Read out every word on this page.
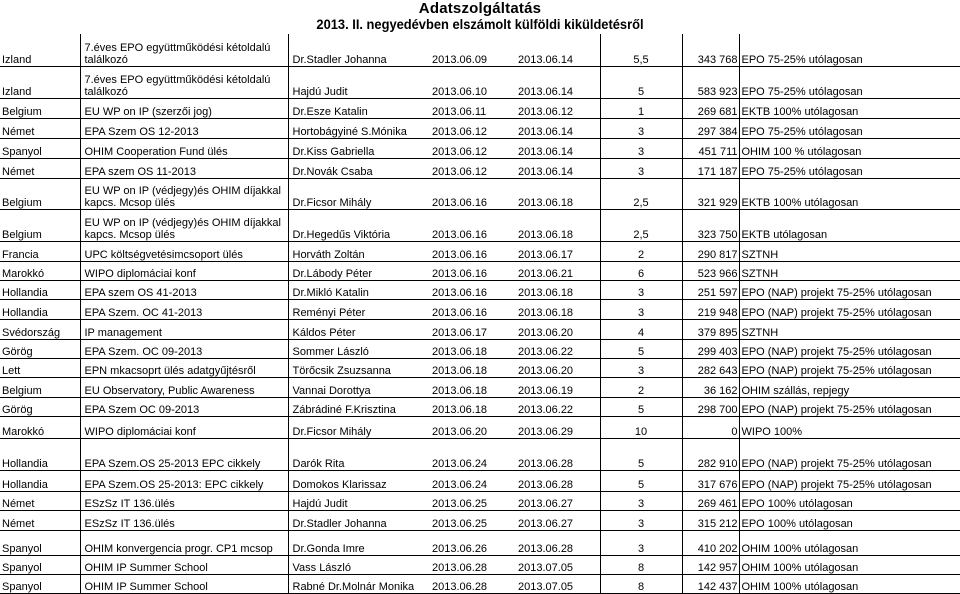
Adatszolgáltatás
2013. II. negyedévben elszámolt külföldi kiküldetésről
Izland	7.éves EPO együttműködési kétoldalú találkozó	Dr.Stadler Johanna	2013.06.09	2013.06.14	5,5	343 768	EPO 75-25% utólagosan
Izland	7.éves EPO együttműködési kétoldalú találkozó	Hajdú Judit	2013.06.10	2013.06.14	5	583 923	EPO 75-25% utólagosan
Belgium	EU WP on IP (szerzői jog)	Dr.Esze Katalin	2013.06.11	2013.06.12	1	269 681	EKTB 100% utólagosan
Német	EPA Szem OS 12-2013	Hortobágyiné S.Mónika	2013.06.12	2013.06.14	3	297 384	EPO 75-25% utólagosan
Spanyol	OHIM Cooperation Fund ülés	Dr.Kiss Gabriella	2013.06.12	2013.06.14	3	451 711	OHIM 100 % utólagosan
Német	EPA szem OS 11-2013	Dr.Novák Csaba	2013.06.12	2013.06.14	3	171 187	EPO 75-25% utólagosan
Belgium	EU WP on IP (védjegy)és OHIM díjakkal kapcs. Mcsop ülés	Dr.Ficsor Mihály	2013.06.16	2013.06.18	2,5	321 929	EKTB 100% utólagosan
Belgium	EU WP on IP (védjegy)és OHIM díjakkal kapcs. Mcsop ülés	Dr.Hegedűs Viktória	2013.06.16	2013.06.18	2,5	323 750	EKTB utólagosan
Francia	UPC költségvetésimcsoport ülés	Horváth Zoltán	2013.06.16	2013.06.17	2	290 817	SZTNH
Marokkó	WIPO diplomáciai konf	Dr.Lábody Péter	2013.06.16	2013.06.21	6	523 966	SZTNH
Hollandia	EPA szem OS 41-2013	Dr.Mikló Katalin	2013.06.16	2013.06.18	3	251 597	EPO (NAP) projekt 75-25% utólagosan
Hollandia	EPA Szem. OC 41-2013	Reményi Péter	2013.06.16	2013.06.18	3	219 948	EPO (NAP) projekt 75-25% utólagosan
Svédország	IP management	Káldos Péter	2013.06.17	2013.06.20	4	379 895	SZTNH
Görög	EPA Szem. OC 09-2013	Sommer László	2013.06.18	2013.06.22	5	299 403	EPO (NAP) projekt 75-25% utólagosan
Lett	EPN mkacsoprt ülés adatgyűjtésről	Törőcsik Zsuzsanna	2013.06.18	2013.06.20	3	282 643	EPO (NAP) projekt 75-25% utólagosan
Belgium	EU Observatory, Public Awareness	Vannai Dorottya	2013.06.18	2013.06.19	2	36 162	OHIM szállás, repjegy
Görög	EPA Szem OC 09-2013	Zábrádiné F.Krisztina	2013.06.18	2013.06.22	5	298 700	EPO (NAP) projekt 75-25% utólagosan
Marokkó	WIPO diplomáciai konf	Dr.Ficsor Mihály	2013.06.20	2013.06.29	10	0	WIPO 100%
Hollandia	EPA Szem.OS 25-2013 EPC cikkely	Darók Rita	2013.06.24	2013.06.28	5	282 910	EPO (NAP) projekt 75-25% utólagosan
Hollandia	EPA Szem.OS 25-2013: EPC cikkely	Domokos Klarissaz	2013.06.24	2013.06.28	5	317 676	EPO (NAP) projekt 75-25% utólagosan
Német	ESzSz IT 136.ülés	Hajdú Judit	2013.06.25	2013.06.27	3	269 461	EPO 100% utólagosan
Német	ESzSz IT 136.ülés	Dr.Stadler Johanna	2013.06.25	2013.06.27	3	315 212	EPO 100% utólagosan
Spanyol	OHIM konvergencia progr. CP1 mcsop	Dr.Gonda Imre	2013.06.26	2013.06.28	3	410 202	OHIM 100% utólagosan
Spanyol	OHIM IP Summer School	Vass László	2013.06.28	2013.07.05	8	142 957	OHIM 100% utólagosan
Spanyol	OHIM IP Summer School	Rabné Dr.Molnár Monika	2013.06.28	2013.07.05	8	142 437	OHIM 100% utólagosan
